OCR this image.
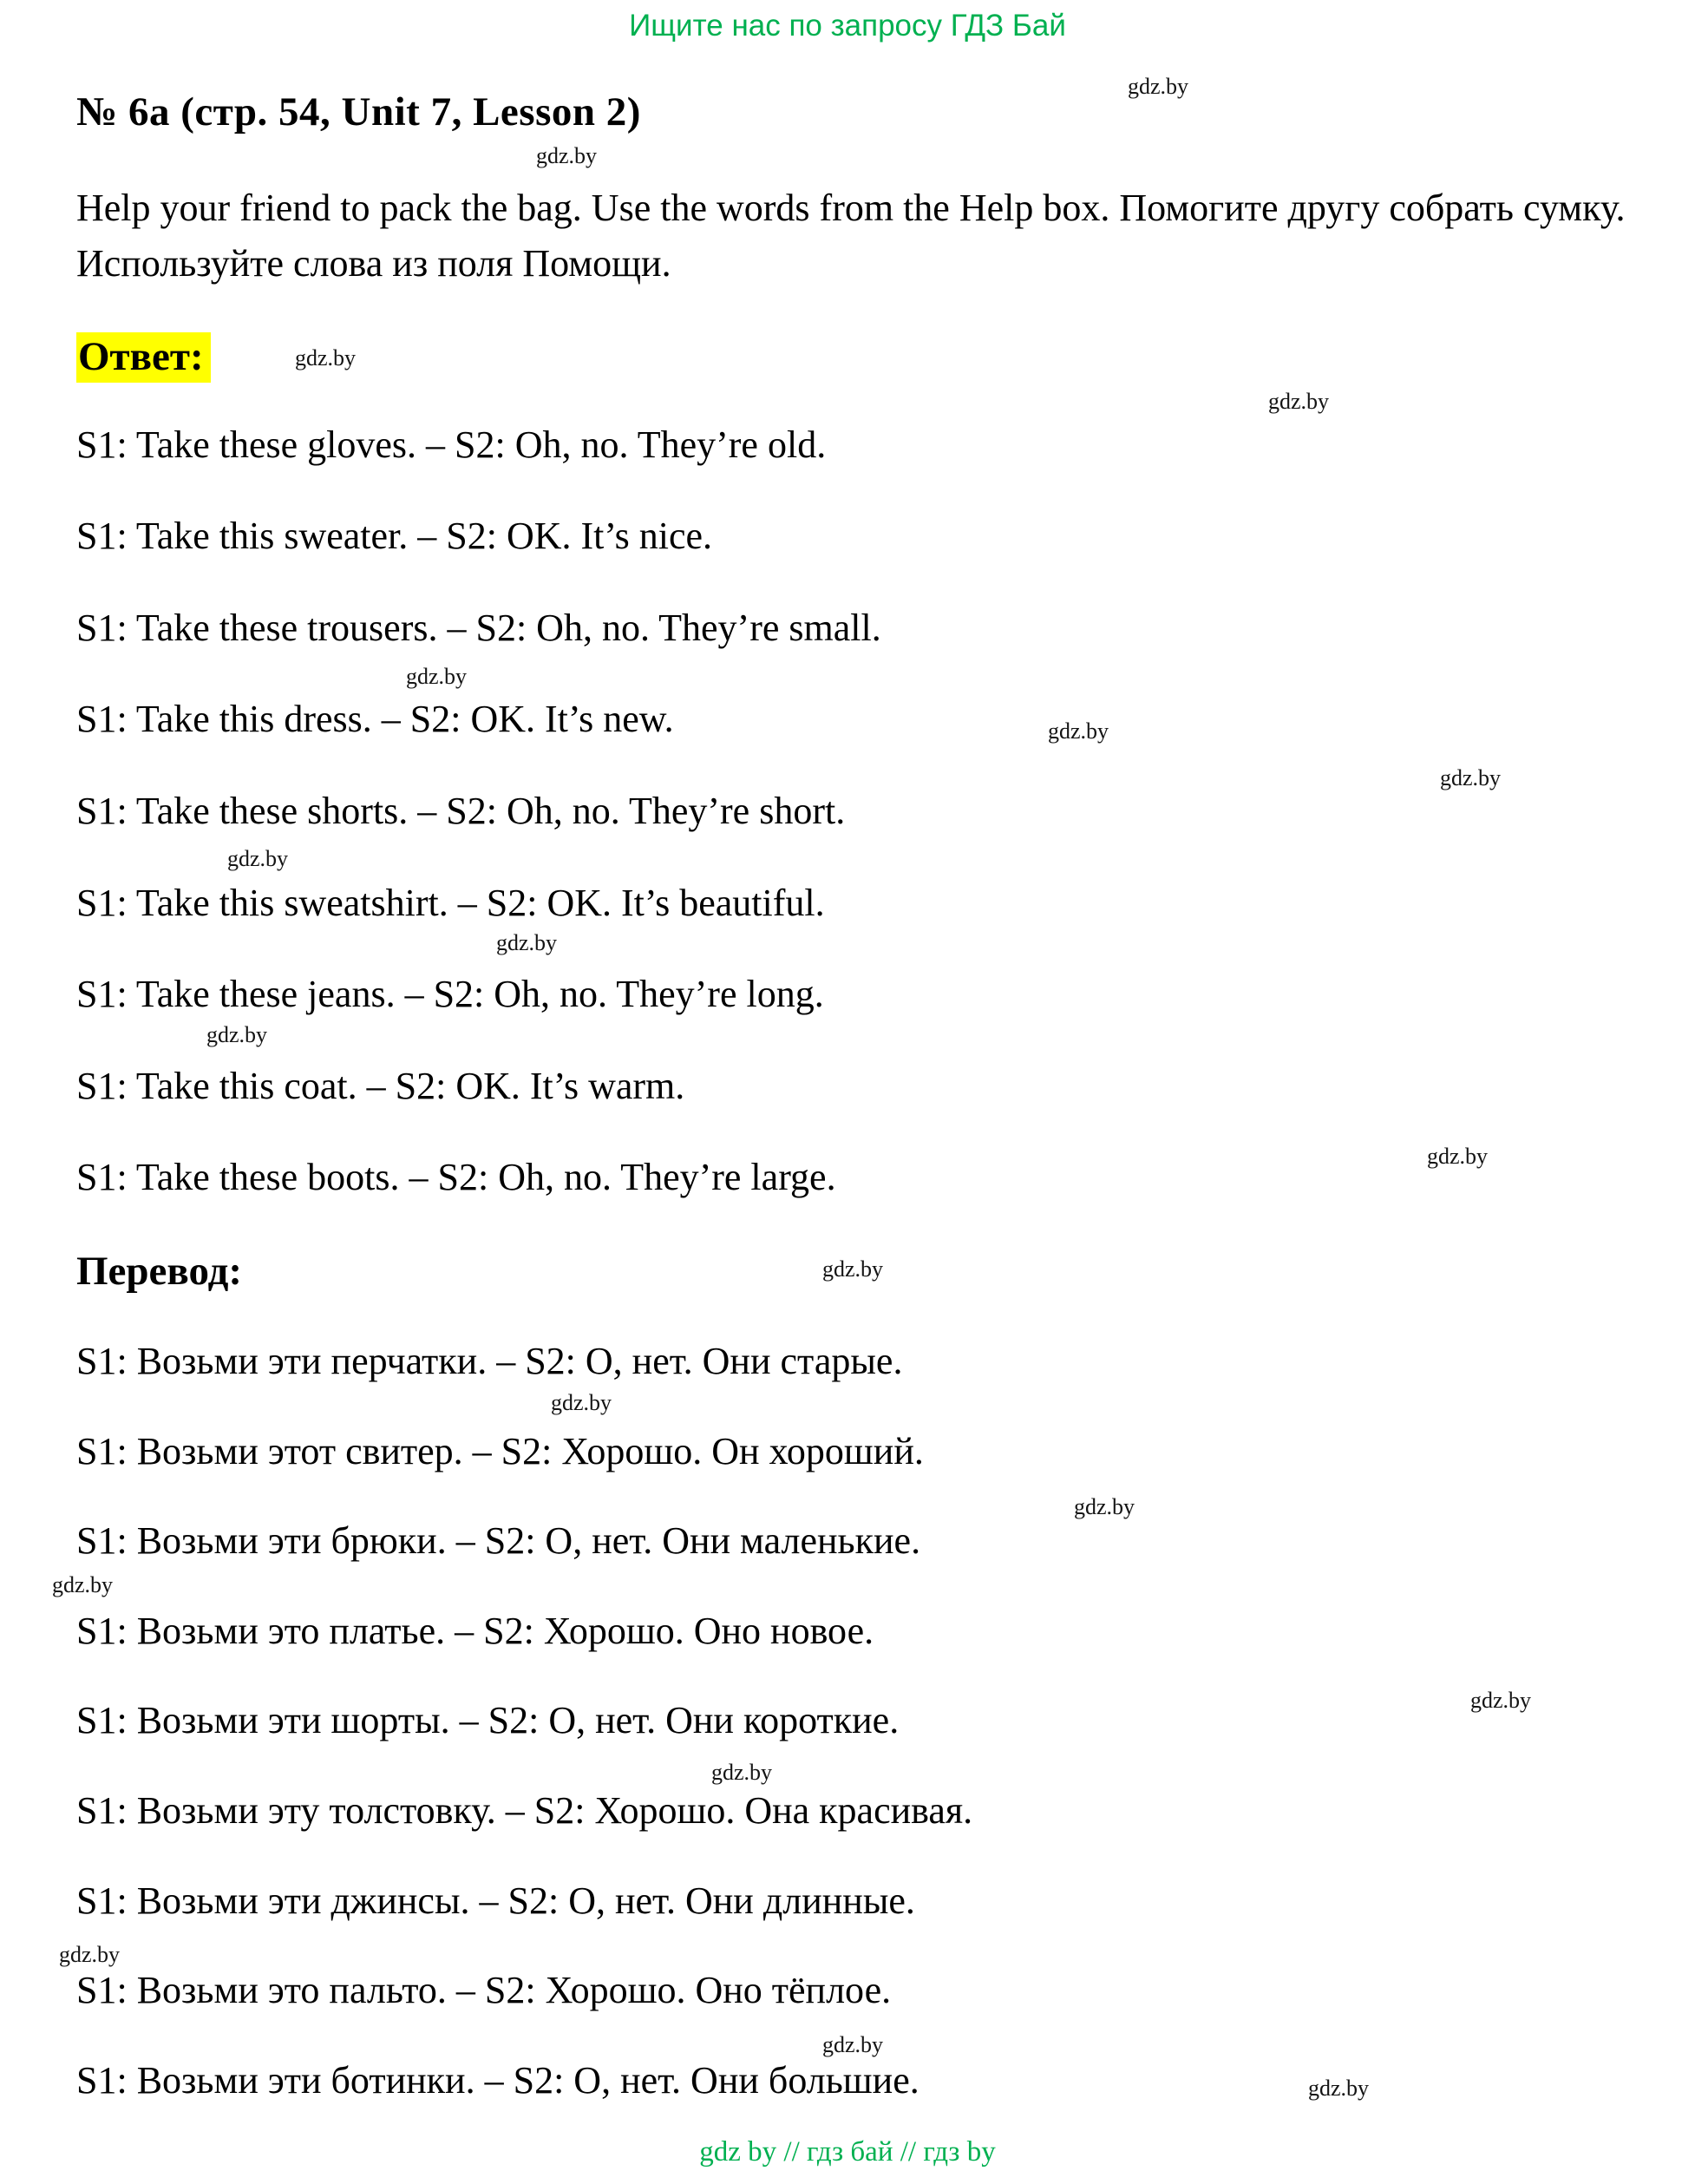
Ищите нас по запросу ГДЗ Бай
№ 6a (стр. 54, Unit 7, Lesson 2)

Help your friend to pack the bag. Use the words from the Help box. Помогите другу собрать сумку. Используйте слова из поля Помощи.

Ответ:

S1: Take these gloves. – S2: Oh, no. They’re old.

S1: Take this sweater. – S2: OK. It’s nice.

S1: Take these trousers. – S2: Oh, no. They’re small.

S1: Take this dress. – S2: OK. It’s new.

S1: Take these shorts. – S2: Oh, no. They’re short.

S1: Take this sweatshirt. – S2: OK. It’s beautiful.

S1: Take these jeans. – S2: Oh, no. They’re long.

S1: Take this coat. – S2: OK. It’s warm.

S1: Take these boots. – S2: Oh, no. They’re large.

Перевод:

S1: Возьми эти перчатки. – S2: О, нет. Они старые.

S1: Возьми этот свитер. – S2: Хорошо. Он хороший.

S1: Возьми эти брюки. – S2: О, нет. Они маленькие.

S1: Возьми это платье. – S2: Хорошо. Оно новое.

S1: Возьми эти шорты. – S2: О, нет. Они короткие.

S1: Возьми эту толстовку. – S2: Хорошо. Она красивая.

S1: Возьми эти джинсы. – S2: О, нет. Они длинные.

S1: Возьми это пальто. – S2: Хорошо. Оно тёплое.

S1: Возьми эти ботинки. – S2: О, нет. Они большие.

gdz by // гдз бай // гдз by
gdz.by
gdz.by
gdz.by
gdz.by
gdz.by
gdz.by
gdz.by
gdz.by
gdz.by
gdz.by
gdz.by
gdz.by
gdz.by
gdz.by
gdz.by
gdz.by
gdz.by
gdz.by
gdz.by
gdz.by
